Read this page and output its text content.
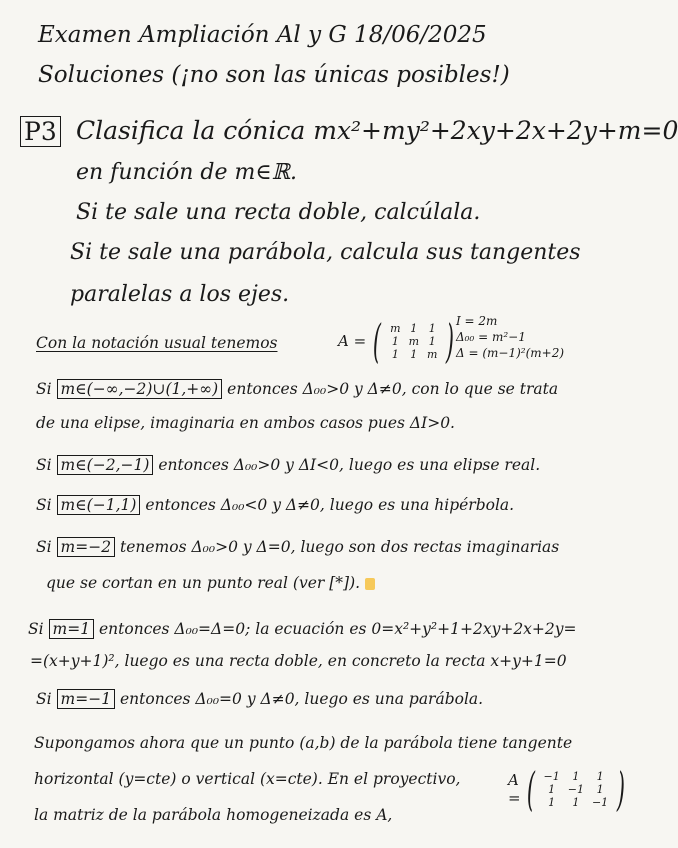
Examen Ampliación Al y G 18/06/2025
Soluciones (¡no son las únicas posibles!)
P3 Clasifica la cónica mx²+my²+2xy+2x+2y+m=0
en función de m∈ℝ.
Si te sale una recta doble, calcúlala.
Si te sale una parábola, calcula sus tangentes
paralelas a los ejes.
Con la notación usual tenemos	A = ( m	1	1
1	m	1
1	1	m ) I = 2m
Δ₀₀ = m²−1
Δ = (m−1)²(m+2)
Si m∈(−∞,−2)∪(1,+∞) entonces Δ₀₀>0 y Δ≠0, con lo que se trata
de una elipse, imaginaria en ambos casos pues ΔI>0.
Si m∈(−2,−1) entonces Δ₀₀>0 y ΔI<0, luego es una elipse real.
Si m∈(−1,1) entonces Δ₀₀<0 y Δ≠0, luego es una hipérbola.
Si m=−2 tenemos Δ₀₀>0 y Δ=0, luego son dos rectas imaginarias
que se cortan en un punto real (ver [*]).
Si m=1 entonces Δ₀₀=Δ=0; la ecuación es 0=x²+y²+1+2xy+2x+2y=
=(x+y+1)², luego es una recta doble, en concreto la recta x+y+1=0
Si m=−1 entonces Δ₀₀=0 y Δ≠0, luego es una parábola.
Supongamos ahora que un punto (a,b) de la parábola tiene tangente
horizontal (y=cte) o vertical (x=cte). En el proyectivo,
la matriz de la parábola homogeneizada es A,
A = ( −1	1	1
1	−1	1
1	1	−1 )
